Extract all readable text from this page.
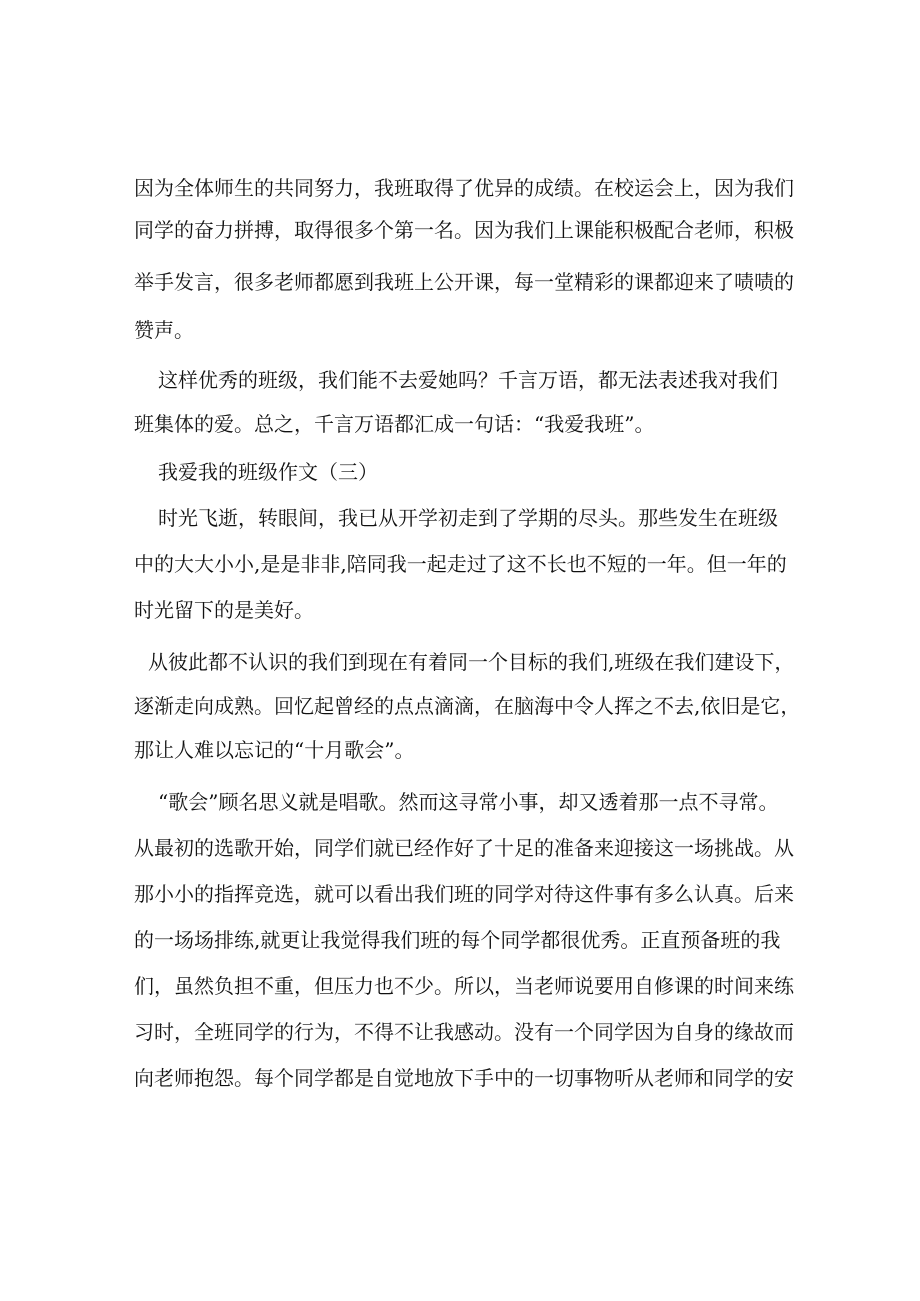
因为全体师生的共同努力，我班取得了优异的成绩。在校运会上，因为我们
同学的奋力拼搏，取得很多个第一名。因为我们上课能积极配合老师，积极
举手发言，很多老师都愿到我班上公开课，每一堂精彩的课都迎来了啧啧的
赞声。
这样优秀的班级，我们能不去爱她吗？千言万语，都无法表述我对我们
班集体的爱。总之，千言万语都汇成一句话：“我爱我班”。
我爱我的班级作文（三）
时光飞逝，转眼间，我已从开学初走到了学期的尽头。那些发生在班级
中的大大小小,是是非非,陪同我一起走过了这不长也不短的一年。但一年的
时光留下的是美好。
从彼此都不认识的我们到现在有着同一个目标的我们,班级在我们建设下，
逐渐走向成熟。回忆起曾经的点点滴滴，在脑海中令人挥之不去,依旧是它，
那让人难以忘记的“十月歌会”。
“歌会”顾名思义就是唱歌。然而这寻常小事，却又透着那一点不寻常。
从最初的选歌开始，同学们就已经作好了十足的准备来迎接这一场挑战。从
那小小的指挥竞选，就可以看出我们班的同学对待这件事有多么认真。后来
的一场场排练,就更让我觉得我们班的每个同学都很优秀。正直预备班的我
们，虽然负担不重，但压力也不少。所以，当老师说要用自修课的时间来练
习时，全班同学的行为，不得不让我感动。没有一个同学因为自身的缘故而
向老师抱怨。每个同学都是自觉地放下手中的一切事物听从老师和同学的安
